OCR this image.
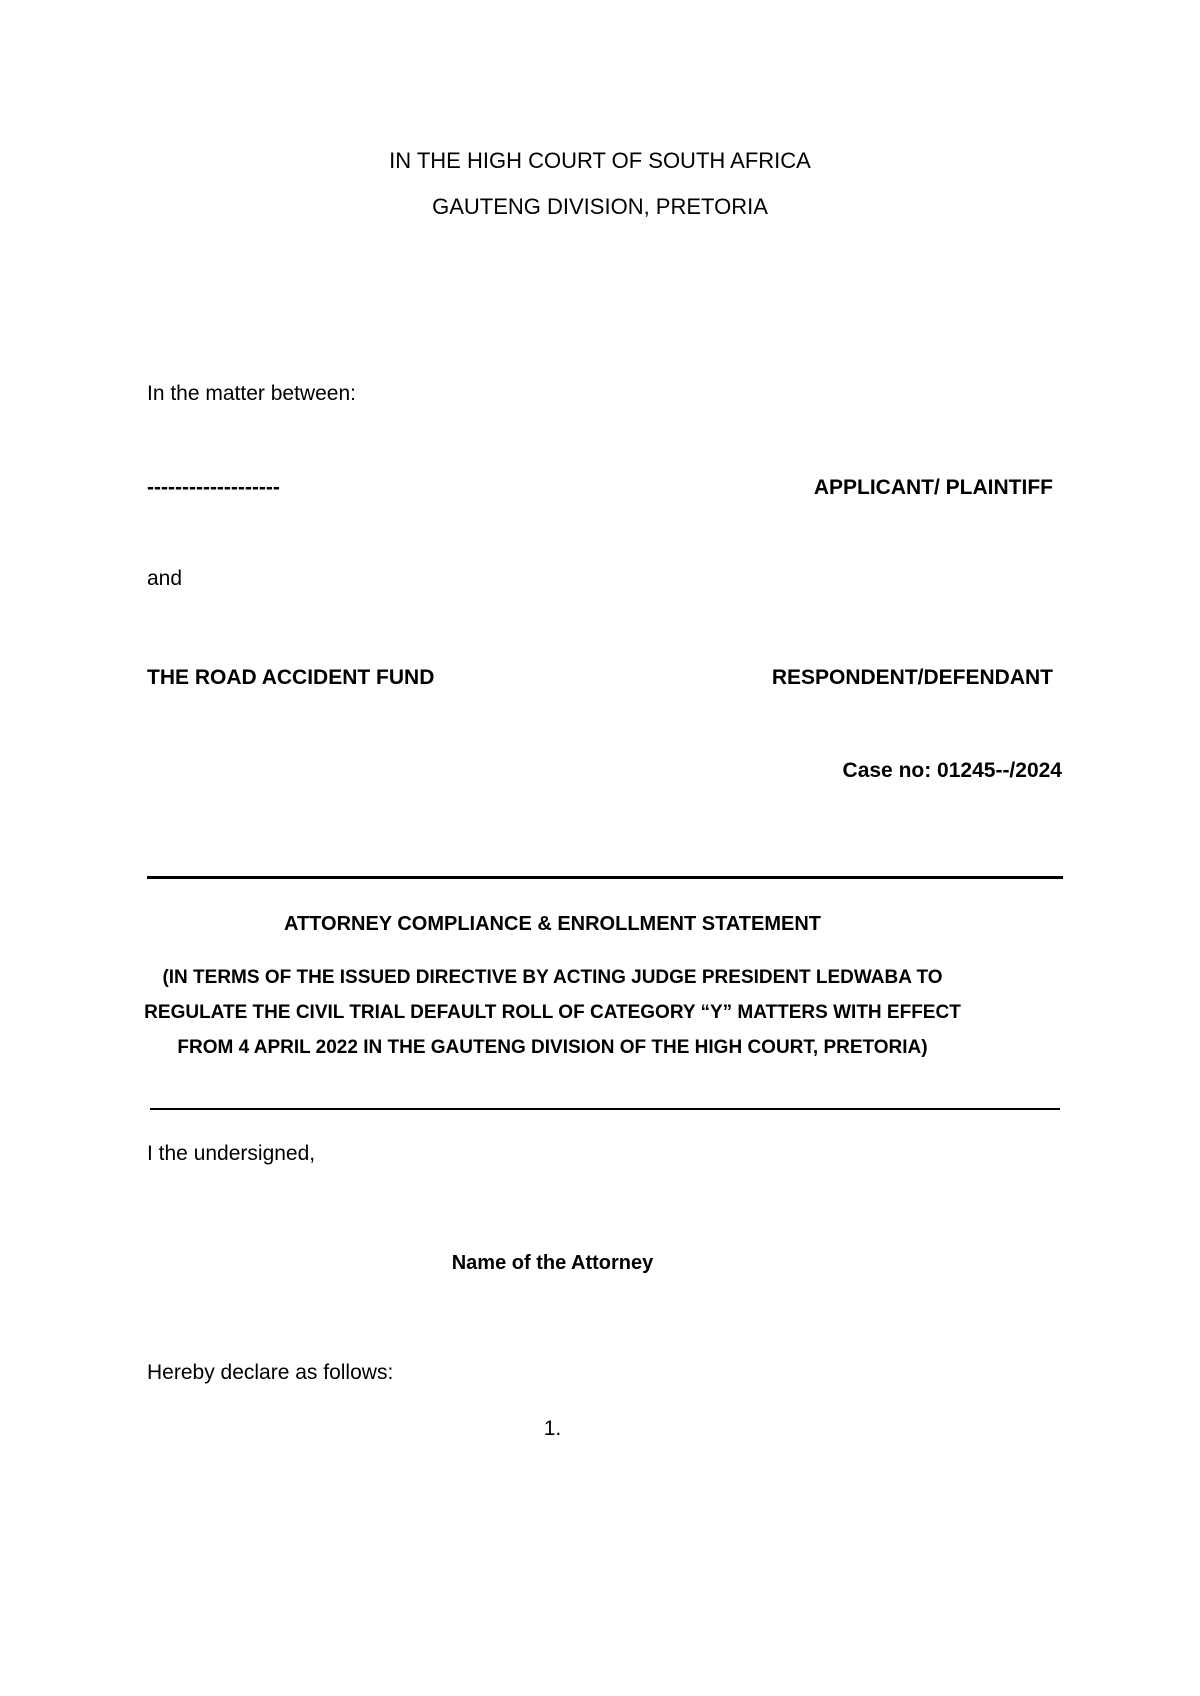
IN THE HIGH COURT OF SOUTH AFRICA
GAUTENG DIVISION, PRETORIA
In the matter between:
-------------------	APPLICANT/ PLAINTIFF
and
THE ROAD ACCIDENT FUND	RESPONDENT/DEFENDANT
Case no: 01245--/2024
ATTORNEY COMPLIANCE & ENROLLMENT STATEMENT
(IN TERMS OF THE ISSUED DIRECTIVE BY ACTING JUDGE PRESIDENT LEDWABA TO
REGULATE THE CIVIL TRIAL DEFAULT ROLL OF CATEGORY “Y” MATTERS WITH EFFECT
FROM 4 APRIL 2022 IN THE GAUTENG DIVISION OF THE HIGH COURT, PRETORIA)
I the undersigned,
Name of the Attorney
Hereby declare as follows:
1.
